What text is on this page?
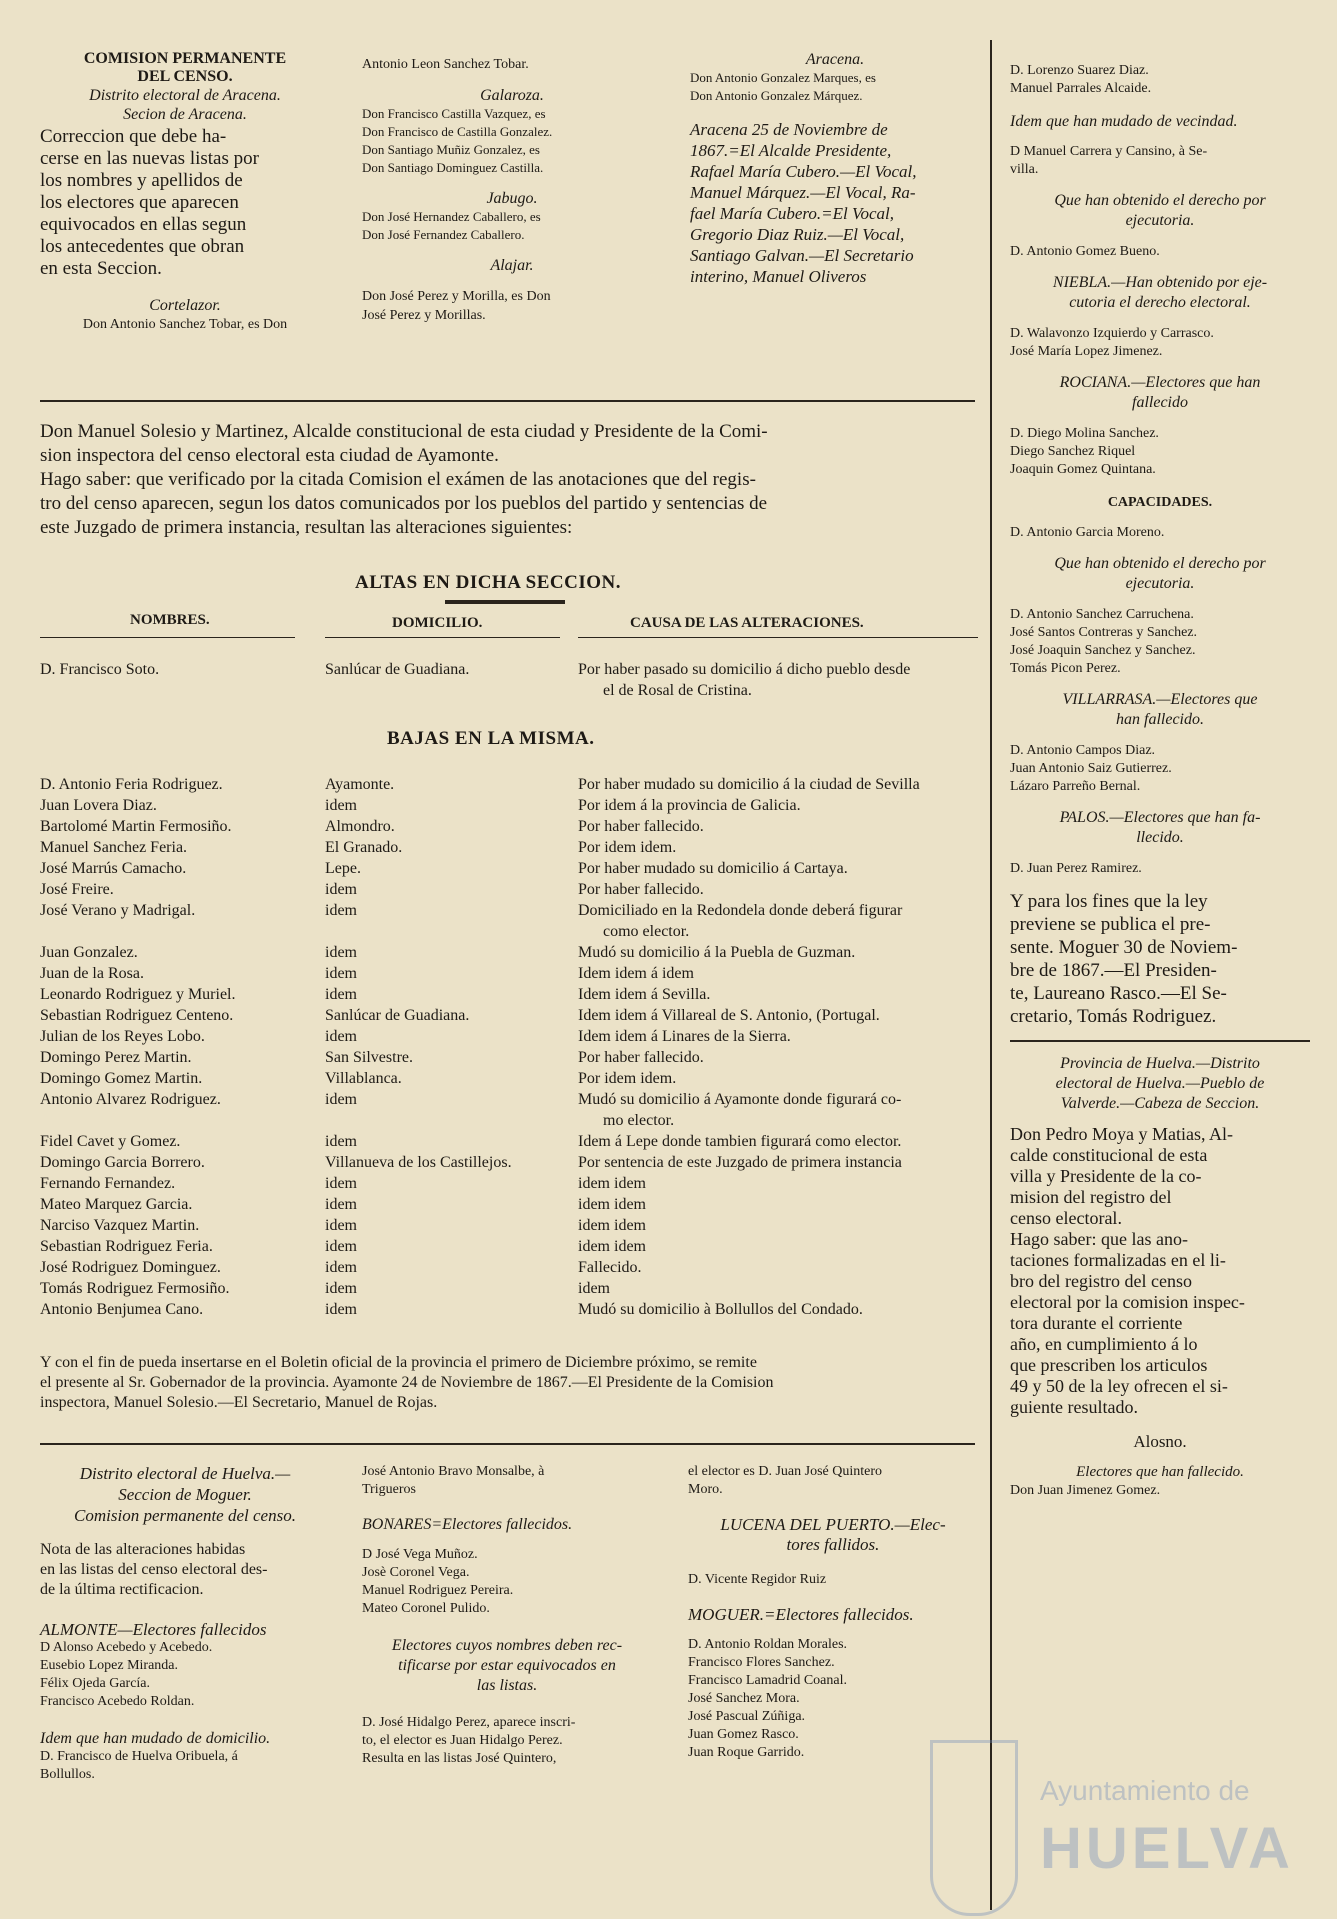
COMISION PERMANENTE DEL CENSO.
Distrito electoral de Aracena.
Secion de Aracena.
Correccion que debe ha-
cerse en las nuevas listas por
los nombres y apellidos de
los electores que aparecen
equivocados en ellas segun
los antecedentes que obran
en esta Seccion.
Cortelazor.
Don Antonio Sanchez Tobar, es Don
Antonio Leon Sanchez Tobar.
Galaroza.
Don Francisco Castilla Vazquez, es
Don Francisco de Castilla Gonzalez.
Don Santiago Muñiz Gonzalez, es
Don Santiago Dominguez Castilla.
Jabugo.
Don José Hernandez Caballero, es
Don José Fernandez Caballero.
Alajar.
Don José Perez y Morilla, es Don
José Perez y Morillas.
Aracena.
Don Antonio Gonzalez Marques, es
Don Antonio Gonzalez Márquez.
Aracena 25 de Noviembre de
1867.=El Alcalde Presidente,
Rafael María Cubero.—El Vocal,
Manuel Márquez.—El Vocal, Ra-
fael María Cubero.=El Vocal,
Gregorio Diaz Ruiz.—El Vocal,
Santiago Galvan.—El Secretario
interino, Manuel Oliveros
Don Manuel Solesio y Martinez, Alcalde constitucional de esta ciudad y Presidente de la Comi-
sion inspectora del censo electoral esta ciudad de Ayamonte.
Hago saber: que verificado por la citada Comision el exámen de las anotaciones que del regis-
tro del censo aparecen, segun los datos comunicados por los pueblos del partido y sentencias de
este Juzgado de primera instancia, resultan las alteraciones siguientes:
ALTAS EN DICHA SECCION.
NOMBRES.	DOMICILIO.	CAUSA DE LAS ALTERACIONES.
D. Francisco Soto.	Sanlúcar de Guadiana.	Por haber pasado su domicilio á dicho pueblo desde
el de Rosal de Cristina.
BAJAS EN LA MISMA.
D. Antonio Feria Rodriguez.	Ayamonte.	Por haber mudado su domicilio á la ciudad de Sevilla
Juan Lovera Diaz.	idem	Por idem á la provincia de Galicia.
Bartolomé Martin Fermosiño.	Almondro.	Por haber fallecido.
Manuel Sanchez Feria.	El Granado.	Por idem idem.
José Marrús Camacho.	Lepe.	Por haber mudado su domicilio á Cartaya.
José Freire.	idem	Por haber fallecido.
José Verano y Madrigal.	idem	Domiciliado en la Redondela donde deberá figurar
como elector.
Juan Gonzalez.	idem	Mudó su domicilio á la Puebla de Guzman.
Juan de la Rosa.	idem	Idem idem á idem
Leonardo Rodriguez y Muriel.	idem	Idem idem á Sevilla.
Sebastian Rodriguez Centeno.	Sanlúcar de Guadiana.	Idem idem á Villareal de S. Antonio, (Portugal.
Julian de los Reyes Lobo.	idem	Idem idem á Linares de la Sierra.
Domingo Perez Martin.	San Silvestre.	Por haber fallecido.
Domingo Gomez Martin.	Villablanca.	Por idem idem.
Antonio Alvarez Rodriguez.	idem	Mudó su domicilio á Ayamonte donde figurará co-
mo elector.
Fidel Cavet y Gomez.	idem	Idem á Lepe donde tambien figurará como elector.
Domingo Garcia Borrero.	Villanueva de los Castillejos.	Por sentencia de este Juzgado de primera instancia
Fernando Fernandez.	idem	idem idem
Mateo Marquez Garcia.	idem	idem idem
Narciso Vazquez Martin.	idem	idem idem
Sebastian Rodriguez Feria.	idem	idem idem
José Rodriguez Dominguez.	idem	Fallecido.
Tomás Rodriguez Fermosiño.	idem	idem
Antonio Benjumea Cano.	idem	Mudó su domicilio à Bollullos del Condado.
Y con el fin de pueda insertarse en el Boletin oficial de la provincia el primero de Diciembre próximo, se remite
el presente al Sr. Gobernador de la provincia. Ayamonte 24 de Noviembre de 1867.—El Presidente de la Comision
inspectora, Manuel Solesio.—El Secretario, Manuel de Rojas.
Distrito electoral de Huelva.—
Seccion de Moguer.
Comision permanente del censo.
Nota de las alteraciones habidas
en las listas del censo electoral des-
de la última rectificacion.
ALMONTE—Electores fallecidos
D Alonso Acebedo y Acebedo.
Eusebio Lopez Miranda.
Félix Ojeda García.
Francisco Acebedo Roldan.
Idem que han mudado de domicilio.
D. Francisco de Huelva Oribuela, á
Bollullos.
José Antonio Bravo Monsalbe, à
Trigueros
BONARES=Electores fallecidos.
D José Vega Muñoz.
Josè Coronel Vega.
Manuel Rodriguez Pereira.
Mateo Coronel Pulido.
Electores cuyos nombres deben rec-
tificarse por estar equivocados en
las listas.
D. José Hidalgo Perez, aparece inscri-
to, el elector es Juan Hidalgo Perez.
Resulta en las listas José Quintero,
el elector es D. Juan José Quintero
Moro.
LUCENA DEL PUERTO.—Elec-
tores fallidos.
D. Vicente Regidor Ruiz
MOGUER.=Electores fallecidos.
D. Antonio Roldan Morales.
Francisco Flores Sanchez.
Francisco Lamadrid Coanal.
José Sanchez Mora.
José Pascual Zúñiga.
Juan Gomez Rasco.
Juan Roque Garrido.
D. Lorenzo Suarez Diaz.
Manuel Parrales Alcaide.
Idem que han mudado de vecindad.
D Manuel Carrera y Cansino, à Se-
villa.
Que han obtenido el derecho por
ejecutoria.
D. Antonio Gomez Bueno.
NIEBLA.—Han obtenido por eje-
cutoria el derecho electoral.
D. Walavonzo Izquierdo y Carrasco.
José María Lopez Jimenez.
ROCIANA.—Electores que han
fallecido
D. Diego Molina Sanchez.
Diego Sanchez Riquel
Joaquin Gomez Quintana.
CAPACIDADES.
D. Antonio Garcia Moreno.
Que han obtenido el derecho por
ejecutoria.
D. Antonio Sanchez Carruchena.
José Santos Contreras y Sanchez.
José Joaquin Sanchez y Sanchez.
Tomás Picon Perez.
VILLARRASA.—Electores que
han fallecido.
D. Antonio Campos Diaz.
Juan Antonio Saiz Gutierrez.
Lázaro Parreño Bernal.
PALOS.—Electores que han fa-
llecido.
D. Juan Perez Ramirez.
Y para los fines que la ley
previene se publica el pre-
sente. Moguer 30 de Noviem-
bre de 1867.—El Presiden-
te, Laureano Rasco.—El Se-
cretario, Tomás Rodriguez.
Provincia de Huelva.—Distrito
electoral de Huelva.—Pueblo de
Valverde.—Cabeza de Seccion.
Don Pedro Moya y Matias, Al-
calde constitucional de esta
villa y Presidente de la co-
mision del registro del
censo electoral.
Hago saber: que las ano-
taciones formalizadas en el li-
bro del registro del censo
electoral por la comision inspec-
tora durante el corriente
año, en cumplimiento á lo
que prescriben los articulos
49 y 50 de la ley ofrecen el si-
guiente resultado.
Alosno.
Electores que han fallecido.
Don Juan Jimenez Gomez.
Ayuntamiento de
HUELVA
